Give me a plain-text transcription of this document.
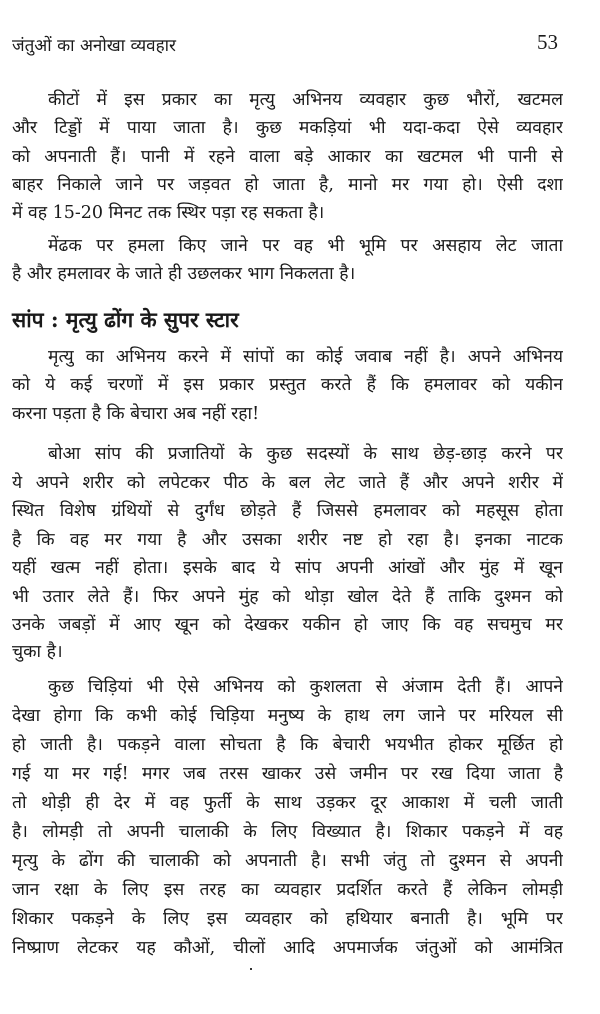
जंतुओं का अनोखा व्यवहार	53
कीटों में इस प्रकार का मृत्यु अभिनय व्यवहार कुछ भौरों, खटमल
और टिड्डों में पाया जाता है। कुछ मकड़ियां भी यदा-कदा ऐसे व्यवहार
को अपनाती हैं। पानी में रहने वाला बड़े आकार का खटमल भी पानी से
बाहर निकाले जाने पर जड़वत हो जाता है, मानो मर गया हो। ऐसी दशा
में वह 15-20 मिनट तक स्थिर पड़ा रह सकता है।
मेंढक पर हमला किए जाने पर वह भी भूमि पर असहाय लेट जाता
है और हमलावर के जाते ही उछलकर भाग निकलता है।
सांप : मृत्यु ढोंग के सुपर स्टार
मृत्यु का अभिनय करने में सांपों का कोई जवाब नहीं है। अपने अभिनय
को ये कई चरणों में इस प्रकार प्रस्तुत करते हैं कि हमलावर को यकीन
करना पड़ता है कि बेचारा अब नहीं रहा!
बोआ सांप की प्रजातियों के कुछ सदस्यों के साथ छेड़-छाड़ करने पर
ये अपने शरीर को लपेटकर पीठ के बल लेट जाते हैं और अपने शरीर में
स्थित विशेष ग्रंथियों से दुर्गंध छोड़ते हैं जिससे हमलावर को महसूस होता
है कि वह मर गया है और उसका शरीर नष्ट हो रहा है। इनका नाटक
यहीं खत्म नहीं होता। इसके बाद ये सांप अपनी आंखों और मुंह में खून
भी उतार लेते हैं। फिर अपने मुंह को थोड़ा खोल देते हैं ताकि दुश्मन को
उनके जबड़ों में आए खून को देखकर यकीन हो जाए कि वह सचमुच मर
चुका है।
कुछ चिड़ियां भी ऐसे अभिनय को कुशलता से अंजाम देती हैं। आपने
देखा होगा कि कभी कोई चिड़िया मनुष्य के हाथ लग जाने पर मरियल सी
हो जाती है। पकड़ने वाला सोचता है कि बेचारी भयभीत होकर मूर्छित हो
गई या मर गई! मगर जब तरस खाकर उसे जमीन पर रख दिया जाता है
तो थोड़ी ही देर में वह फुर्ती के साथ उड़कर दूर आकाश में चली जाती
है। लोमड़ी तो अपनी चालाकी के लिए विख्यात है। शिकार पकड़ने में वह
मृत्यु के ढोंग की चालाकी को अपनाती है। सभी जंतु तो दुश्मन से अपनी
जान रक्षा के लिए इस तरह का व्यवहार प्रदर्शित करते हैं लेकिन लोमड़ी
शिकार पकड़ने के लिए इस व्यवहार को हथियार बनाती है। भूमि पर
निष्प्राण लेटकर यह कौओं, चीलों आदि अपमार्जक जंतुओं को आमंत्रित
